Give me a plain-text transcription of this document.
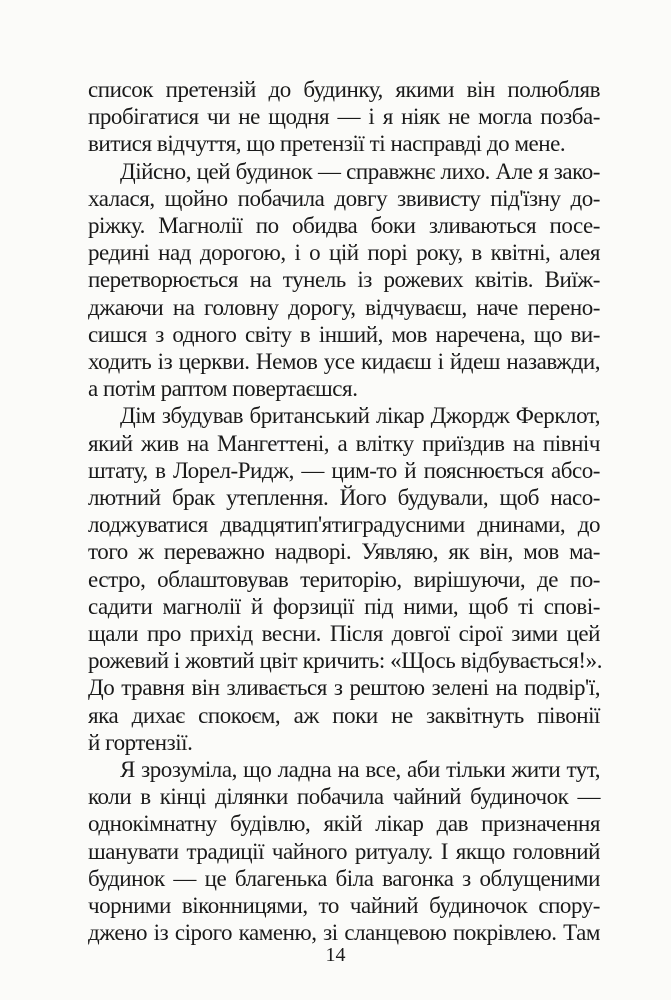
список претензій до будинку, якими він полюбляв
пробігатися чи не щодня — і я ніяк не могла позба-
витися відчуття, що претензії ті насправді до мене.
Дійсно, цей будинок — справжнє лихо. Але я зако-
халася, щойно побачила довгу звивисту під'їзну до-
ріжку. Магнолії по обидва боки зливаються посе-
редині над дорогою, і о цій порі року, в квітні, алея
перетворюється на тунель із рожевих квітів. Виїж-
джаючи на головну дорогу, відчуваєш, наче перено-
сишся з одного світу в інший, мов наречена, що ви-
ходить із церкви. Немов усе кидаєш і йдеш назавжди,
а потім раптом повертаєшся.
Дім збудував британський лікар Джордж Ферклот,
який жив на Мангеттені, а влітку приїздив на північ
штату, в Лорел-Ридж, — цим-то й пояснюється абсо-
лютний брак утеплення. Його будували, щоб насо-
лоджуватися двадцятип'ятиградусними днинами, до
того ж переважно надворі. Уявляю, як він, мов ма-
естро, облаштовував територію, вирішуючи, де по-
садити магнолії й форзиції під ними, щоб ті спові-
щали про прихід весни. Після довгої сірої зими цей
рожевий і жовтий цвіт кричить: «Щось відбувається!».
До травня він зливається з рештою зелені на подвір'ї,
яка дихає спокоєм, аж поки не заквітнуть півонії
й гортензії.
Я зрозуміла, що ладна на все, аби тільки жити тут,
коли в кінці ділянки побачила чайний будиночок —
однокімнатну будівлю, якій лікар дав призначення
шанувати традиції чайного ритуалу. І якщо головний
будинок — це благенька біла вагонка з облущеними
чорними віконницями, то чайний будиночок спору-
джено із сірого каменю, зі сланцевою покрівлею. Там
14
